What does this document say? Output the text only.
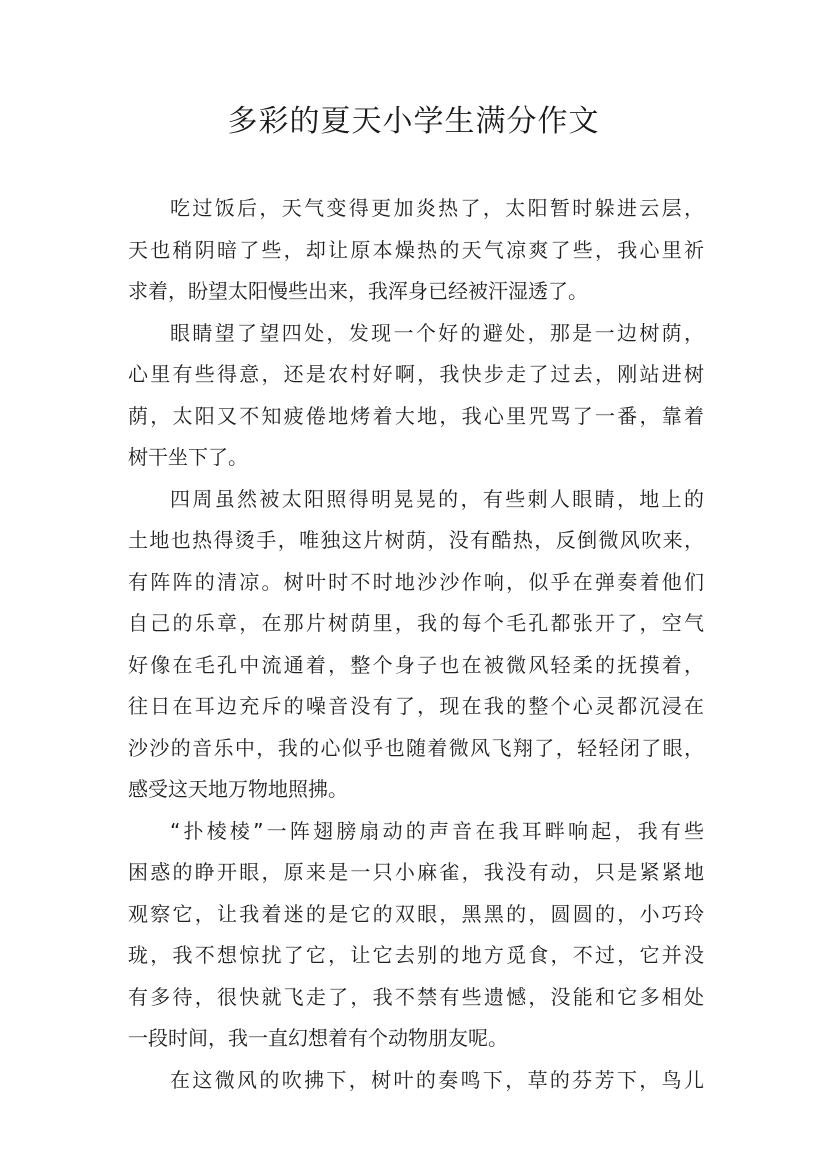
多彩的夏天小学生满分作文
吃过饭后，天气变得更加炎热了，太阳暂时躲进云层，
天也稍阴暗了些，却让原本燥热的天气凉爽了些，我心里祈
求着，盼望太阳慢些出来，我浑身已经被汗湿透了。
眼睛望了望四处，发现一个好的避处，那是一边树荫，
心里有些得意，还是农村好啊，我快步走了过去，刚站进树
荫，太阳又不知疲倦地烤着大地，我心里咒骂了一番，靠着
树干坐下了。
四周虽然被太阳照得明晃晃的，有些刺人眼睛，地上的
土地也热得烫手，唯独这片树荫，没有酷热，反倒微风吹来，
有阵阵的清凉。树叶时不时地沙沙作响，似乎在弹奏着他们
自己的乐章，在那片树荫里，我的每个毛孔都张开了，空气
好像在毛孔中流通着，整个身子也在被微风轻柔的抚摸着，
往日在耳边充斥的噪音没有了，现在我的整个心灵都沉浸在
沙沙的音乐中，我的心似乎也随着微风飞翔了，轻轻闭了眼，
感受这天地万物地照拂。
“扑棱棱”一阵翅膀扇动的声音在我耳畔响起，我有些
困惑的睁开眼，原来是一只小麻雀，我没有动，只是紧紧地
观察它，让我着迷的是它的双眼，黑黑的，圆圆的，小巧玲
珑，我不想惊扰了它，让它去别的地方觅食，不过，它并没
有多待，很快就飞走了，我不禁有些遗憾，没能和它多相处
一段时间，我一直幻想着有个动物朋友呢。
在这微风的吹拂下，树叶的奏鸣下，草的芬芳下，鸟儿
